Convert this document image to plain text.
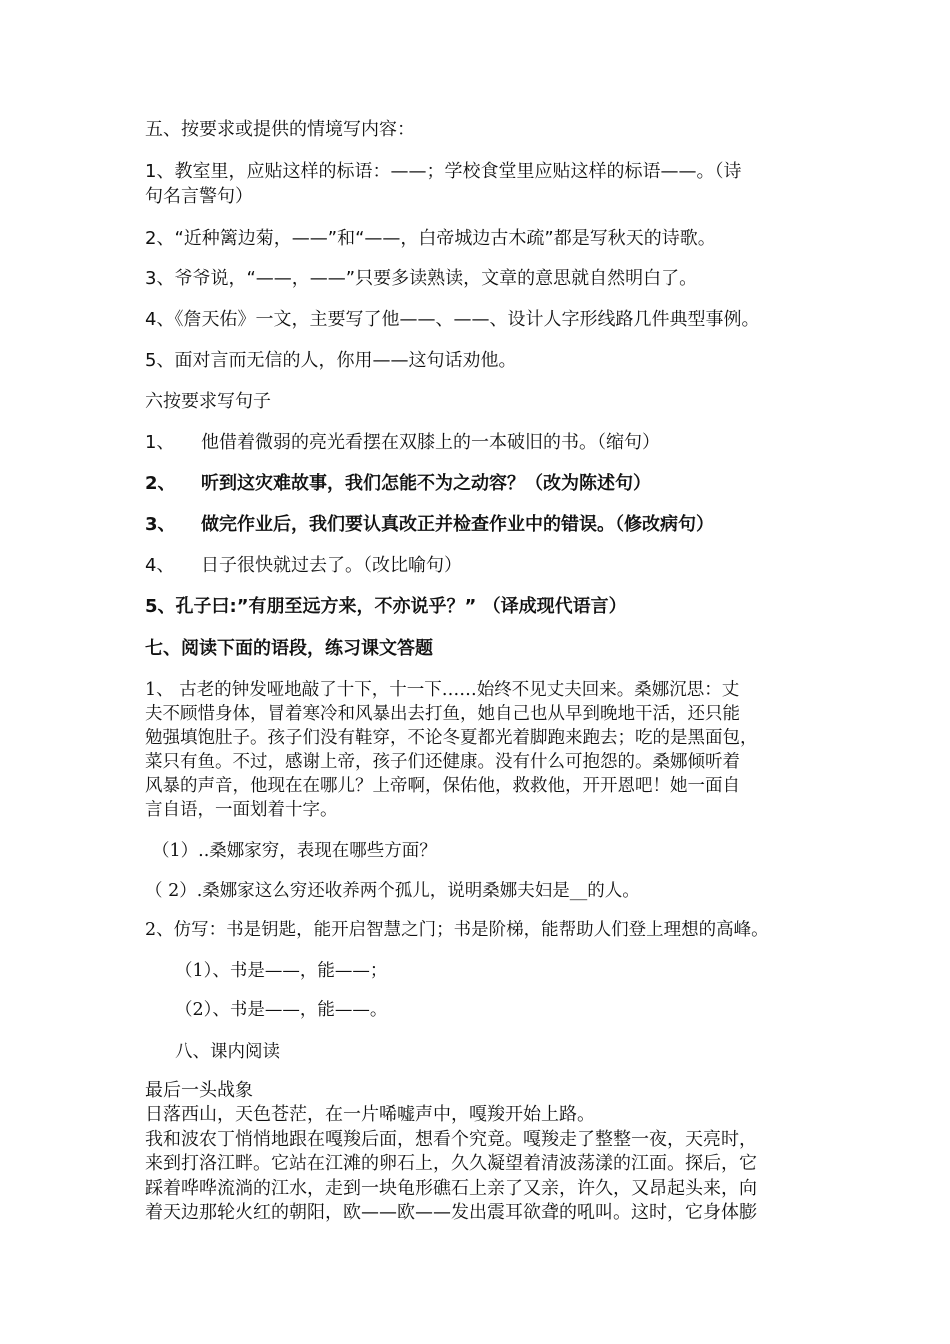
五、按要求或提供的情境写内容：
1、教室里，应贴这样的标语：——；学校食堂里应贴这样的标语——。（诗
句名言警句）
2、“近种篱边菊，——”和“——，白帝城边古木疏”都是写秋天的诗歌。
3、爷爷说，“——，——”只要多读熟读，文章的意思就自然明白了。
4、《詹天佑》一文，主要写了他——、——、设计人字形线路几件典型事例。
5、面对言而无信的人，你用——这句话劝他。
六按要求写句子
1、 他借着微弱的亮光看摆在双膝上的一本破旧的书。（缩句）
2、 听到这灾难故事，我们怎能不为之动容？（改为陈述句）
3、 做完作业后，我们要认真改正并检查作业中的错误。（修改病句）
4、 日子很快就过去了。（改比喻句）
5、孔子曰:”有朋至远方来，不亦说乎？” （译成现代语言）
七、阅读下面的语段，练习课文答题
1、 古老的钟发哑地敲了十下，十一下……始终不见丈夫回来。桑娜沉思：丈
夫不顾惜身体，冒着寒冷和风暴出去打鱼，她自己也从早到晚地干活，还只能
勉强填饱肚子。孩子们没有鞋穿，不论冬夏都光着脚跑来跑去；吃的是黑面包，
菜只有鱼。不过，感谢上帝，孩子们还健康。没有什么可抱怨的。桑娜倾听着
风暴的声音，他现在在哪儿？上帝啊，保佑他，救救他，开开恩吧！她一面自
言自语，一面划着十字。
（1）..桑娜家穷，表现在哪些方面？
（ 2）.桑娜家这么穷还收养两个孤儿，说明桑娜夫妇是__的人。
2、仿写：书是钥匙，能开启智慧之门；书是阶梯，能帮助人们登上理想的高峰。
（1）、书是——，能——；
（2）、书是——，能——。
八、课内阅读
最后一头战象
日落西山，天色苍茫，在一片唏嘘声中，嘎羧开始上路。
我和波农丁悄悄地跟在嘎羧后面，想看个究竟。嘎羧走了整整一夜，天亮时，
来到打洛江畔。它站在江滩的卵石上，久久凝望着清波荡漾的江面。探后，它
踩着哗哗流淌的江水，走到一块龟形礁石上亲了又亲，许久，又昂起头来，向
着天边那轮火红的朝阳，欧——欧——发出震耳欲聋的吼叫。这时，它身体膨
